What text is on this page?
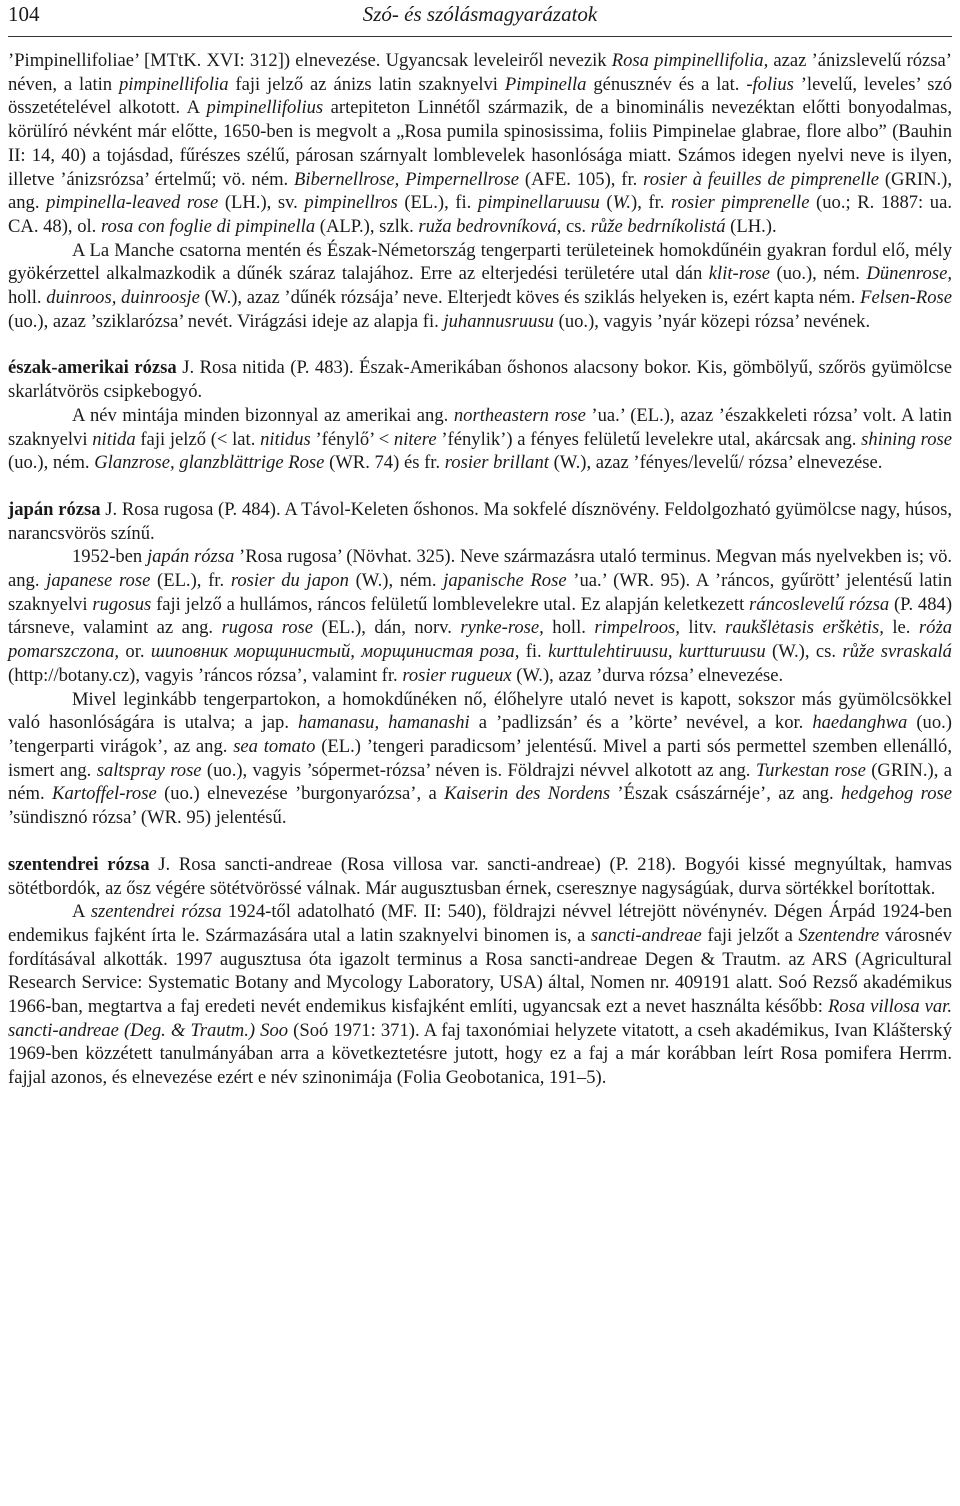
104	Szó- és szólásmagyarázatok

’Pimpinellifoliae’ [MTtK. XVI: 312]) elnevezése. Ugyancsak leveleiről nevezik Rosa pimpinellifolia, azaz ’ánizslevelű rózsa’ néven, a latin pimpinellifolia faji jelző az ánizs latin szaknyelvi Pimpinella génusznév és a lat. -folius ’levelű, leveles’ szó összetételével alkotott. A pimpinellifolius artepiteton Linnétől származik, de a binominális nevezéktan előtti bonyodalmas, körülíró névként már előtte, 1650-ben is megvolt a „Rosa pumila spinosissima, foliis Pimpinelae glabrae, flore albo” (Bauhin II: 14, 40) a tojásdad, fűrészes szélű, párosan szárnyalt lomblevelek hasonlósága miatt. Számos idegen nyelvi neve is ilyen, illetve ’ánizsrózsa’ értelmű; vö. ném. Bibernellrose, Pimpernellrose (AFE. 105), fr. rosier à feuilles de pimprenelle (GRIN.), ang. pimpinella-leaved rose (LH.), sv. pimpinellros (EL.), fi. pimpinellaruusu (W.), fr. rosier pimprenelle (uo.; R. 1887: ua. CA. 48), ol. rosa con foglie di pimpinella (ALP.), szlk. ruža bedrovníková, cs. růže bedrníkolistá (LH.).

A La Manche csatorna mentén és Észak-Németország tengerparti területeinek homokdűnéin gyakran fordul elő, mély gyökérzettel alkalmazkodik a dűnék száraz talajához. Erre az elterjedési területére utal dán klit-rose (uo.), ném. Dünenrose, holl. duinroos, duinroosje (W.), azaz ’dűnék rózsája’ neve. Elterjedt köves és sziklás helyeken is, ezért kapta ném. Felsen-Rose (uo.), azaz ’sziklarózsa’ nevét. Virágzási ideje az alapja fi. juhannusruusu (uo.), vagyis ’nyár közepi rózsa’ nevének.

észak-amerikai rózsa J. Rosa nitida (P. 483). Észak-Amerikában őshonos alacsony bokor. Kis, gömbölyű, szőrös gyümölcse skarlátvörös csipkebogyó.

A név mintája minden bizonnyal az amerikai ang. northeastern rose ’ua.’ (EL.), azaz ’északkeleti rózsa’ volt. A latin szaknyelvi nitida faji jelző (< lat. nitidus ’fénylő’ < nitere ’fénylik’) a fényes felületű levelekre utal, akárcsak ang. shining rose (uo.), ném. Glanzrose, glanzblättrige Rose (WR. 74) és fr. rosier brillant (W.), azaz ’fényes/levelű/ rózsa’ elnevezése.

japán rózsa J. Rosa rugosa (P. 484). A Távol-Keleten őshonos. Ma sokfelé dísznövény. Feldolgozható gyümölcse nagy, húsos, narancsvörös színű.

1952-ben japán rózsa ’Rosa rugosa’ (Növhat. 325). Neve származásra utaló terminus. Megvan más nyelvekben is; vö. ang. japanese rose (EL.), fr. rosier du japon (W.), ném. japanische Rose ’ua.’ (WR. 95). A ’ráncos, gyűrött’ jelentésű latin szaknyelvi rugosus faji jelző a hullámos, ráncos felületű lomblevelekre utal. Ez alapján keletkezett ráncoslevelű rózsa (P. 484) társneve, valamint az ang. rugosa rose (EL.), dán, norv. rynke-rose, holl. rimpelroos, litv. raukšlėtasis erškėtis, le. róża pomarszczona, or. шиповник морщинистый, морщинистая роза, fi. kurttulehtiruusu, kurtturuusu (W.), cs. růže svraskalá (http://botany.cz), vagyis ’ráncos rózsa’, valamint fr. rosier rugueux (W.), azaz ’durva rózsa’ elnevezése.

Mivel leginkább tengerpartokon, a homokdűnéken nő, élőhelyre utaló nevet is kapott, sokszor más gyümölcsökkel való hasonlóságára is utalva; a jap. hamanasu, hamanashi a ’padlizsán’ és a ’körte’ nevével, a kor. haedanghwa (uo.) ’tengerparti virágok’, az ang. sea tomato (EL.) ’tengeri paradicsom’ jelentésű. Mivel a parti sós permettel szemben ellenálló, ismert ang. saltspray rose (uo.), vagyis ’sópermet-rózsa’ néven is. Földrajzi névvel alkotott az ang. Turkestan rose (GRIN.), a ném. Kartoffel-rose (uo.) elnevezése ’burgonyarózsa’, a Kaiserin des Nordens ’Észak császárnéje’, az ang. hedgehog rose ’sündisznó rózsa’ (WR. 95) jelentésű.

szentendrei rózsa J. Rosa sancti-andreae (Rosa villosa var. sancti-andreae) (P. 218). Bogyói kissé megnyúltak, hamvas sötétbordók, az ősz végére sötétvörössé válnak. Már augusztusban érnek, cseresznye nagyságúak, durva sörtékkel borítottak.

A szentendrei rózsa 1924-től adatolható (MF. II: 540), földrajzi névvel létrejött növénynév. Dégen Árpád 1924-ben endemikus fajként írta le. Származására utal a latin szaknyelvi binomen is, a sancti-andreae faji jelzőt a Szentendre városnév fordításával alkották. 1997 augusztusa óta igazolt terminus a Rosa sancti-andreae Degen & Trautm. az ARS (Agricultural Research Service: Systematic Botany and Mycology Laboratory, USA) által, Nomen nr. 409191 alatt. Soó Rezső akadémikus 1966-ban, megtartva a faj eredeti nevét endemikus kisfajként említi, ugyancsak ezt a nevet használta később: Rosa villosa var. sancti-andreae (Deg. & Trautm.) Soo (Soó 1971: 371). A faj taxonómiai helyzete vitatott, a cseh akadémikus, Ivan Klášterský 1969-ben közzétett tanulmányában arra a következtetésre jutott, hogy ez a faj a már korábban leírt Rosa pomifera Herrm. fajjal azonos, és elnevezése ezért e név szinonimája (Folia Geobotanica, 191–5).
